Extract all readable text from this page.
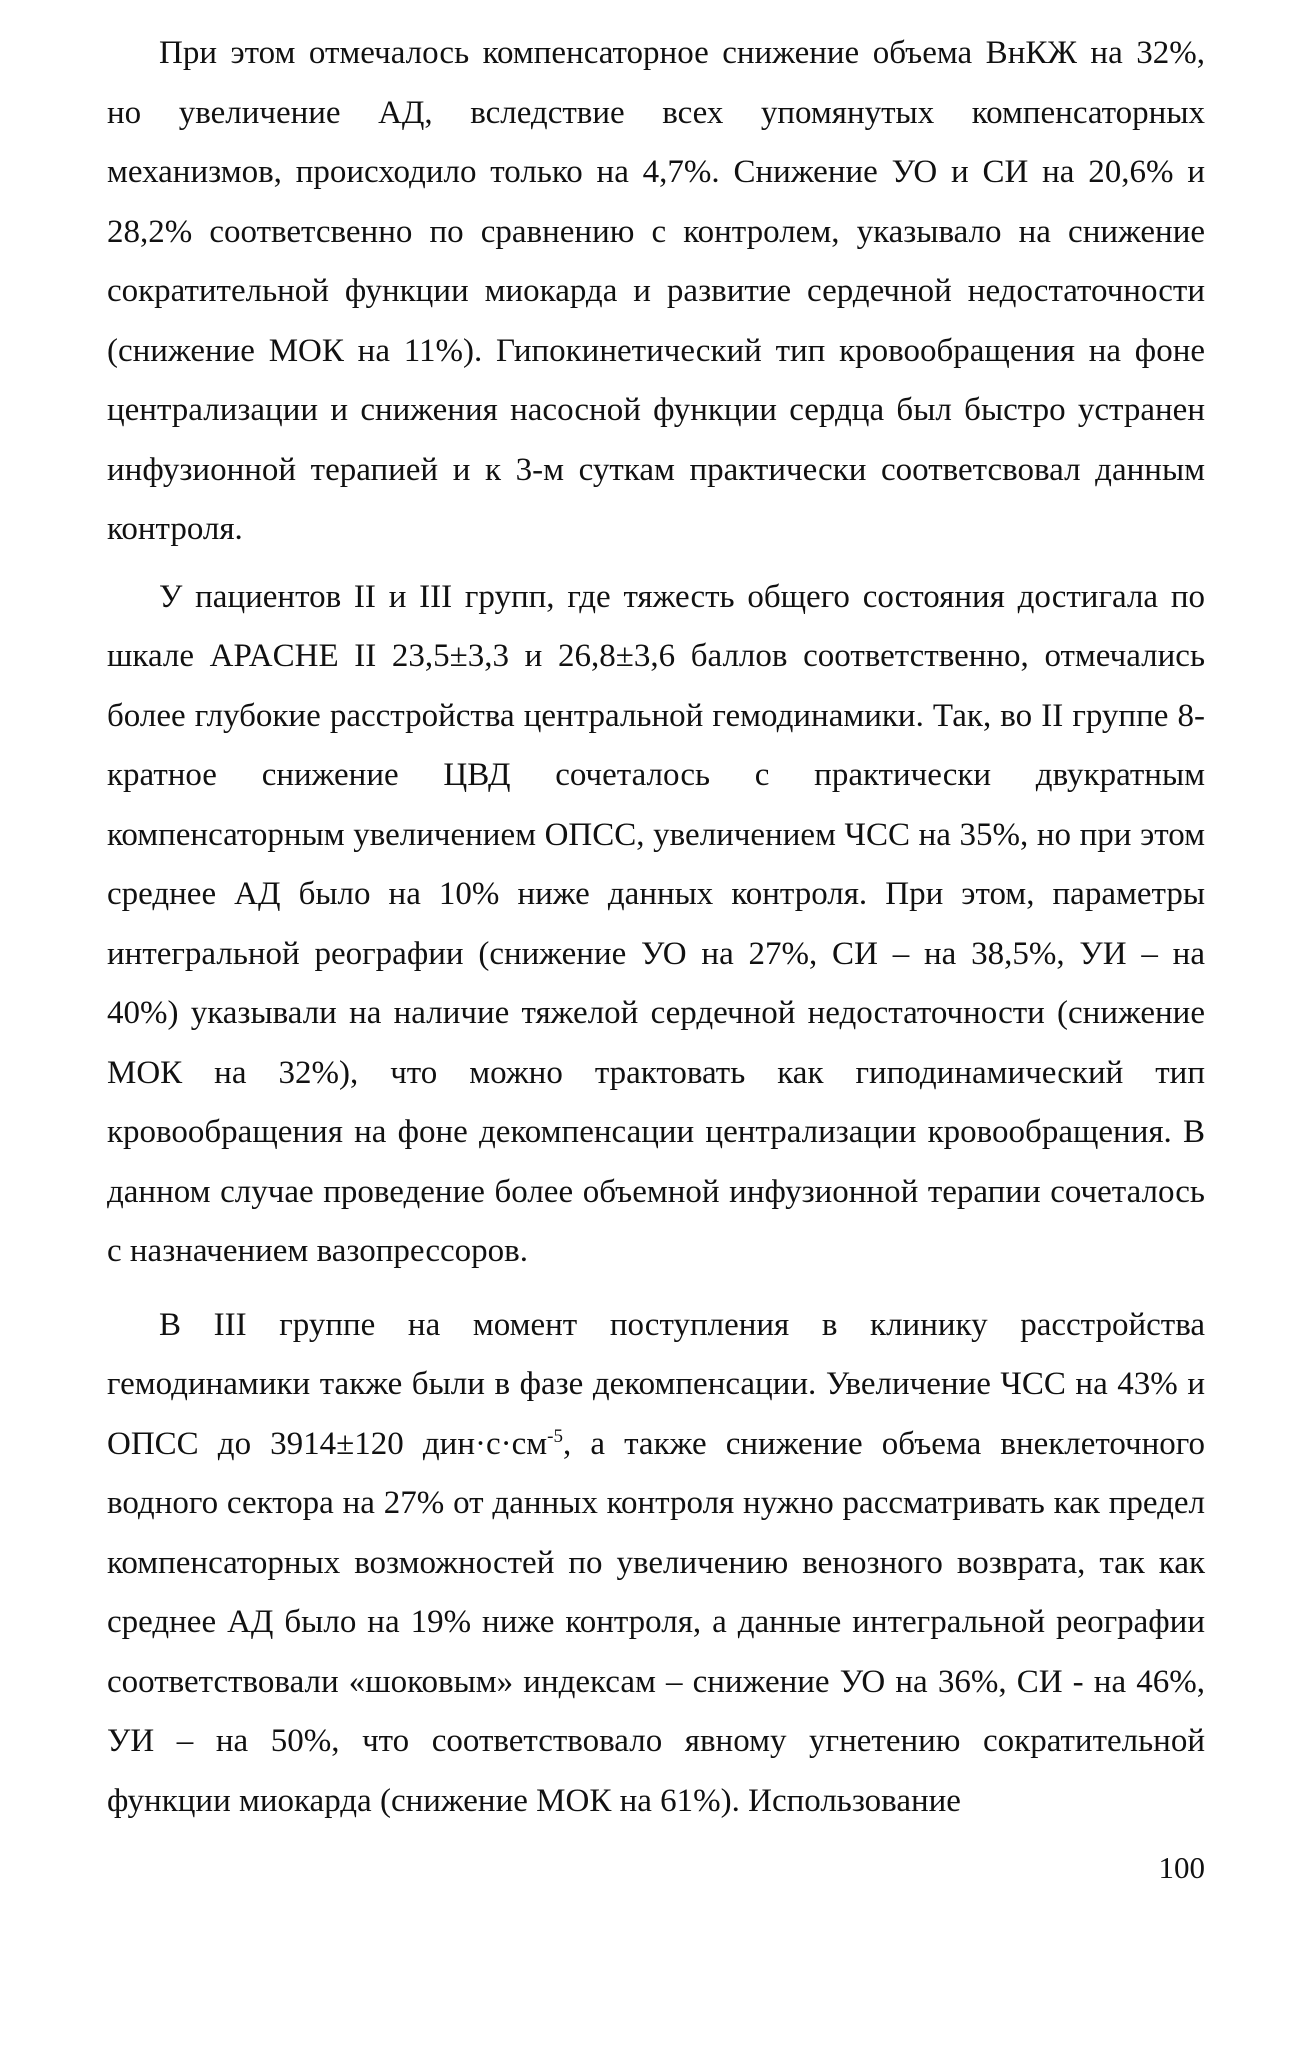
При этом отмечалось компенсаторное снижение объема ВнКЖ на 32%, но увеличение АД, вследствие всех упомянутых компенсаторных механизмов, происходило только на 4,7%. Снижение УО и СИ на 20,6% и 28,2% соответсвенно по сравнению с контролем, указывало на снижение сократительной функции миокарда и развитие сердечной недостаточности (снижение МОК на 11%). Гипокинетический тип кровообращения на фоне централизации и снижения насосной функции сердца был быстро устранен инфузионной терапией и к 3-м суткам практически соответсвовал данным контроля.

У пациентов II и III групп, где тяжесть общего состояния достигала по шкале APACHE II 23,5±3,3 и 26,8±3,6 баллов соответственно, отмечались более глубокие расстройства центральной гемодинамики. Так, во II группе 8-кратное снижение ЦВД сочеталось с практически двукратным компенсаторным увеличением ОПСС, увеличением ЧСС на 35%, но при этом среднее АД было на 10% ниже данных контроля. При этом, параметры интегральной реографии (снижение УО на 27%, СИ – на 38,5%, УИ – на 40%) указывали на наличие тяжелой сердечной недостаточности (снижение МОК на 32%), что можно трактовать как гиподинамический тип кровообращения на фоне декомпенсации централизации кровообращения. В данном случае проведение более объемной инфузионной терапии сочеталось с назначением вазопрессоров.

В III группе на момент поступления в клинику расстройства гемодинамики также были в фазе декомпенсации. Увеличение ЧСС на 43% и ОПСС до 3914±120 $дин\cdot с\cdot см^{-5}$, а также снижение объема внеклеточного водного сектора на 27% от данных контроля нужно рассматривать как предел компенсаторных возможностей по увеличению венозного возврата, так как среднее АД было на 19% ниже контроля, а данные интегральной реографии соответствовали «шоковым» индексам – снижение УО на 36%, СИ - на 46%, УИ – на 50%, что соответствовало явному угнетению сократительной функции миокарда (снижение МОК на 61%). Использование

100
